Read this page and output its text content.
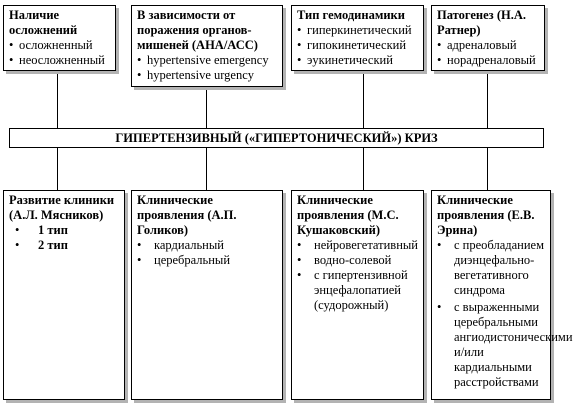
Наличие осложнений
• осложненный
• неосложненный
В зависимости от поражения органов-мишеней (АНА/АСС)
• hypertensive emergency
• hypertensive urgency
Тип гемодинамики
• гиперкинетический
• гипокинетический
• эукинетический
Патогенез (Н.А. Ратнер)
• адреналовый
• норадреналовый
ГИПЕРТЕНЗИВНЫЙ («ГИПЕРТОНИЧЕСКИЙ») КРИЗ
Развитие клиники (А.Л. Мясников)
• 1 тип
• 2 тип
Клинические проявления (А.П. Голиков)
• кардиальный
• церебральный
Клинические проявления (М.С. Кушаковский)
• нейровегетативный
• водно-солевой
• с гипертензивной энцефалопатией (судорожный)
Клинические проявления (Е.В. Эрина)
• с преобладанием диэнцефально-вегетативного синдрома
• с выраженными церебральными ангиодистоническими и/или кардиальными расстройствами
